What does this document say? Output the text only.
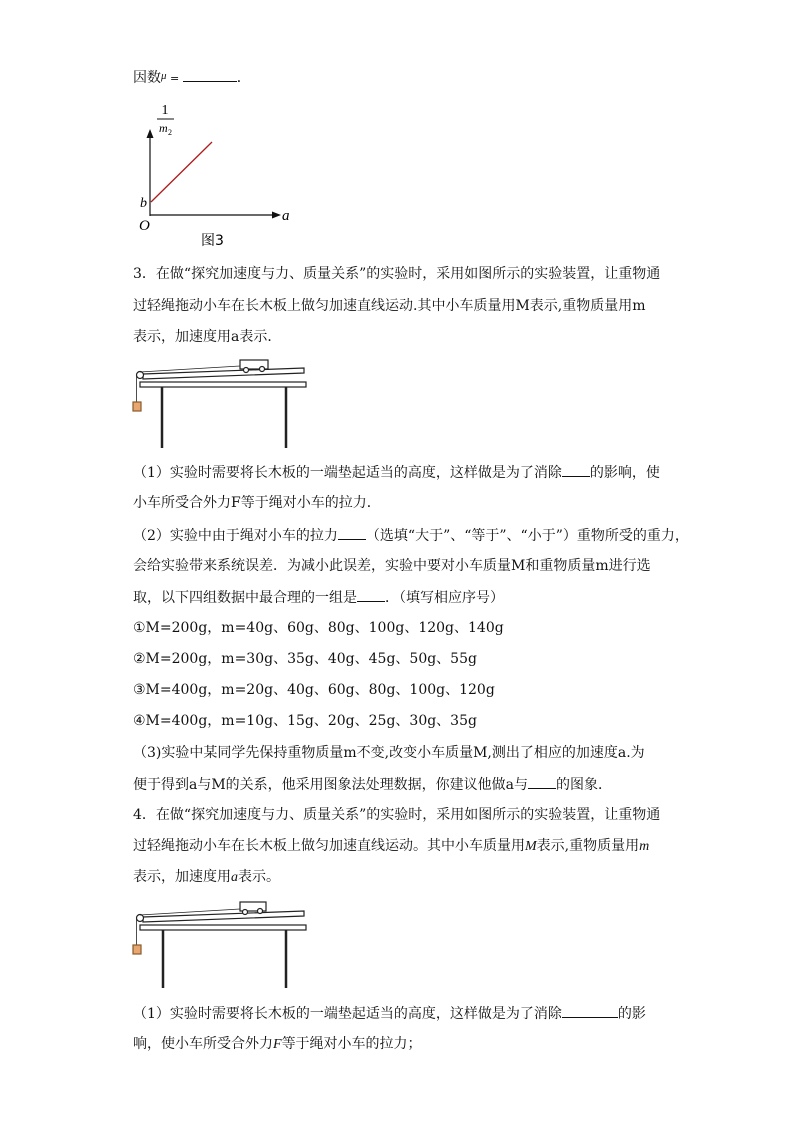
因数$^\mu$ =	．
1
m 2
b
a
O
图3
3．在做“探究加速度与力、质量关系”的实验时，采用如图所示的实验装置，让重物通
过轻绳拖动小车在长木板上做匀加速直线运动.其中小车质量用M表示,重物质量用m
表示，加速度用a表示．
（1）实验时需要将长木板的一端垫起适当的高度，这样做是为了消除 的影响，使
小车所受合外力F等于绳对小车的拉力．
（2）实验中由于绳对小车的拉力 （选填“大于”、“等于”、“小于”）重物所受的重力，
会给实验带来系统误差．为减小此误差，实验中要对小车质量M和重物质量m进行选
取，以下四组数据中最合理的一组是 ．（填写相应序号）
①M=200g，m=40g、60g、80g、100g、120g、140g
②M=200g，m=30g、35g、40g、45g、50g、55g
③M=400g，m=20g、40g、60g、80g、100g、120g
④M=400g，m=10g、15g、20g、25g、30g、35g
（3)实验中某同学先保持重物质量m不变,改变小车质量M,测出了相应的加速度a.为
便于得到a与M的关系，他采用图象法处理数据，你建议他做a与 的图象．
4．在做“探究加速度与力、质量关系”的实验时，采用如图所示的实验装置，让重物通
过轻绳拖动小车在长木板上做匀加速直线运动。其中小车质量用M表示,重物质量用m
表示，加速度用a表示。
（1）实验时需要将长木板的一端垫起适当的高度，这样做是为了消除	的影
响，使小车所受合外力F等于绳对小车的拉力；
